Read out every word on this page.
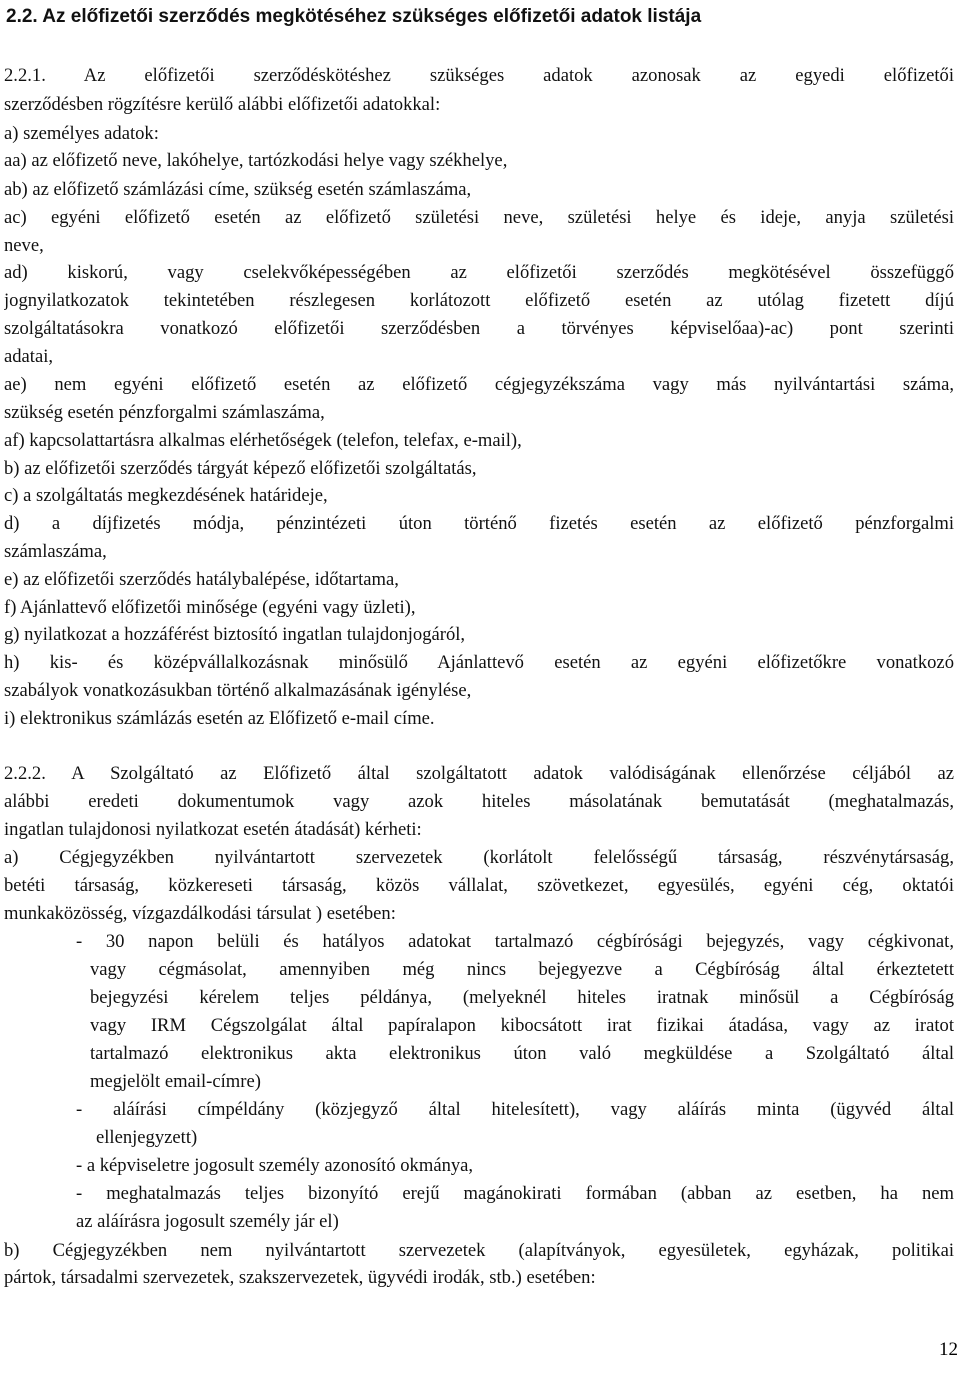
2.2. Az előfizetői szerződés megkötéséhez szükséges előfizetői adatok listája
2.2.1. Az előfizetői szerződéskötéshez szükséges adatok azonosak az egyedi előfizetői
szerződésben rögzítésre kerülő alábbi előfizetői adatokkal:
a) személyes adatok:
aa) az előfizető neve, lakóhelye, tartózkodási helye vagy székhelye,
ab) az előfizető számlázási címe, szükség esetén számlaszáma,
ac) egyéni előfizető esetén az előfizető születési neve, születési helye és ideje, anyja születési
neve,
ad) kiskorú, vagy cselekvőképességében az előfizetői szerződés megkötésével összefüggő
jognyilatkozatok tekintetében részlegesen korlátozott előfizető esetén az utólag fizetett díjú
szolgáltatásokra vonatkozó előfizetői szerződésben a törvényes képviselőaa)-ac) pont szerinti
adatai,
ae) nem egyéni előfizető esetén az előfizető cégjegyzékszáma vagy más nyilvántartási száma,
szükség esetén pénzforgalmi számlaszáma,
af) kapcsolattartásra alkalmas elérhetőségek (telefon, telefax, e-mail),
b) az előfizetői szerződés tárgyát képező előfizetői szolgáltatás,
c) a szolgáltatás megkezdésének határideje,
d) a díjfizetés módja, pénzintézeti úton történő fizetés esetén az előfizető pénzforgalmi
számlaszáma,
e) az előfizetői szerződés hatálybalépése, időtartama,
f) Ajánlattevő előfizetői minősége (egyéni vagy üzleti),
g) nyilatkozat a hozzáférést biztosító ingatlan tulajdonjogáról,
h) kis- és középvállalkozásnak minősülő Ajánlattevő esetén az egyéni előfizetőkre vonatkozó
szabályok vonatkozásukban történő alkalmazásának igénylése,
i) elektronikus számlázás esetén az Előfizető e-mail címe.
2.2.2. A Szolgáltató az Előfizető által szolgáltatott adatok valódiságának ellenőrzése céljából az
alábbi eredeti dokumentumok vagy azok hiteles másolatának bemutatását (meghatalmazás,
ingatlan tulajdonosi nyilatkozat esetén átadását) kérheti:
a) Cégjegyzékben nyilvántartott szervezetek (korlátolt felelősségű társaság, részvénytársaság,
betéti társaság, közkereseti társaság, közös vállalat, szövetkezet, egyesülés, egyéni cég, oktatói
munkaközösség, vízgazdálkodási társulat ) esetében:
- 30 napon belüli és hatályos adatokat tartalmazó cégbírósági bejegyzés, vagy cégkivonat,
vagy cégmásolat, amennyiben még nincs bejegyezve a Cégbíróság által érkeztetett
bejegyzési kérelem teljes példánya, (melyeknél hiteles iratnak minősül a Cégbíróság
vagy IRM Cégszolgálat által papíralapon kibocsátott irat fizikai átadása, vagy az iratot
tartalmazó elektronikus akta elektronikus úton való megküldése a Szolgáltató által
megjelölt email-címre)
- aláírási címpéldány (közjegyző által hitelesített), vagy aláírás minta (ügyvéd által
ellenjegyzett)
- a képviseletre jogosult személy azonosító okmánya,
- meghatalmazás teljes bizonyító erejű magánokirati formában (abban az esetben, ha nem
az aláírásra jogosult személy jár el)
b) Cégjegyzékben nem nyilvántartott szervezetek (alapítványok, egyesületek, egyházak, politikai
pártok, társadalmi szervezetek, szakszervezetek, ügyvédi irodák, stb.) esetében:
12
